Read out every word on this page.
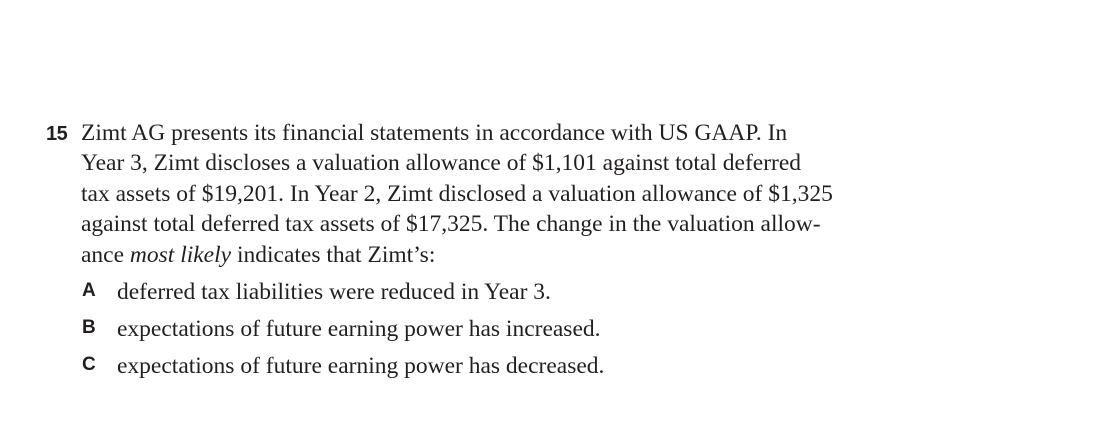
15 Zimt AG presents its financial statements in accordance with US GAAP. In
Year 3, Zimt discloses a valuation allowance of $1,101 against total deferred
tax assets of $19,201. In Year 2, Zimt disclosed a valuation allowance of $1,325
against total deferred tax assets of $17,325. The change in the valuation allow-
ance most likely indicates that Zimt’s:
A deferred tax liabilities were reduced in Year 3.
B expectations of future earning power has increased.
C expectations of future earning power has decreased.
